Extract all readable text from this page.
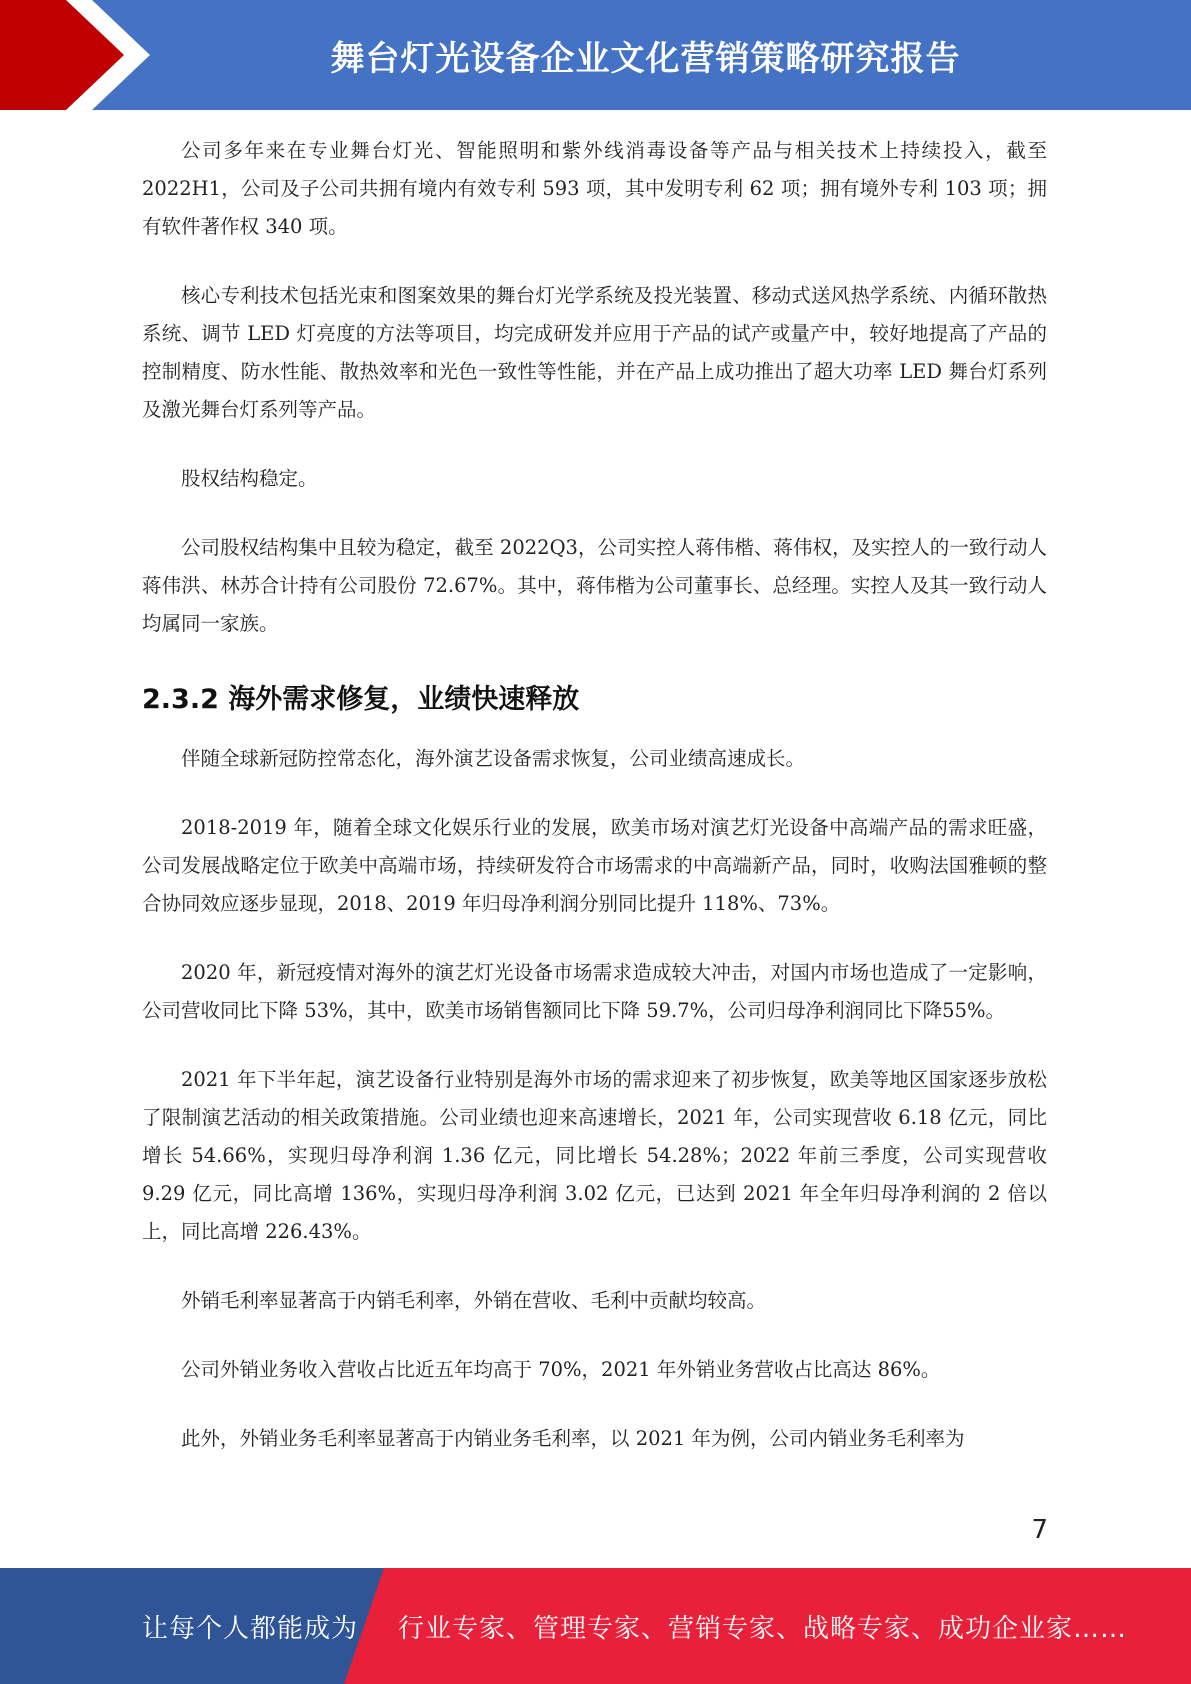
舞台灯光设备企业文化营销策略研究报告

公司多年来在专业舞台灯光、智能照明和紫外线消毒设备等产品与相关技术上持续投入，截至2022H1，公司及子公司共拥有境内有效专利 593 项，其中发明专利 62 项；拥有境外专利 103 项；拥有软件著作权 340 项。

核心专利技术包括光束和图案效果的舞台灯光学系统及投光装置、移动式送风热学系统、内循环散热系统、调节 LED 灯亮度的方法等项目，均完成研发并应用于产品的试产或量产中，较好地提高了产品的控制精度、防水性能、散热效率和光色一致性等性能，并在产品上成功推出了超大功率 LED 舞台灯系列及激光舞台灯系列等产品。

股权结构稳定。

公司股权结构集中且较为稳定，截至 2022Q3，公司实控人蒋伟楷、蒋伟权，及实控人的一致行动人蒋伟洪、林苏合计持有公司股份 72.67%。其中，蒋伟楷为公司董事长、总经理。实控人及其一致行动人均属同一家族。

2.3.2 海外需求修复，业绩快速释放

伴随全球新冠防控常态化，海外演艺设备需求恢复，公司业绩高速成长。

2018-2019 年，随着全球文化娱乐行业的发展，欧美市场对演艺灯光设备中高端产品的需求旺盛，公司发展战略定位于欧美中高端市场，持续研发符合市场需求的中高端新产品，同时，收购法国雅顿的整合协同效应逐步显现，2018、2019 年归母净利润分别同比提升 118%、73%。

2020 年，新冠疫情对海外的演艺灯光设备市场需求造成较大冲击，对国内市场也造成了一定影响，公司营收同比下降 53%，其中，欧美市场销售额同比下降 59.7%，公司归母净利润同比下降55%。

2021 年下半年起，演艺设备行业特别是海外市场的需求迎来了初步恢复，欧美等地区国家逐步放松了限制演艺活动的相关政策措施。公司业绩也迎来高速增长，2021 年，公司实现营收 6.18 亿元，同比增长 54.66%，实现归母净利润 1.36 亿元，同比增长 54.28%；2022 年前三季度，公司实现营收 9.29 亿元，同比高增 136%，实现归母净利润 3.02 亿元，已达到 2021 年全年归母净利润的 2 倍以上，同比高增 226.43%。

外销毛利率显著高于内销毛利率，外销在营收、毛利中贡献均较高。

公司外销业务收入营收占比近五年均高于 70%，2021 年外销业务营收占比高达 86%。

此外，外销业务毛利率显著高于内销业务毛利率，以 2021 年为例，公司内销业务毛利率为

7
让每个人都能成为 行业专家、管理专家、营销专家、战略专家、成功企业家……
